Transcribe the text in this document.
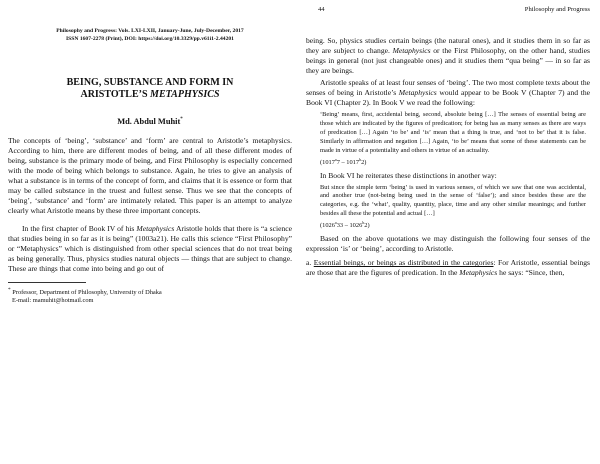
Philosophy and Progress: Vols. LXI-LXII, January-June, July-December, 2017
ISSN 1607-2278 (Print), DOI: https://doi.org/10.3329/pp.v61i1-2.44201
BEING, SUBSTANCE AND FORM IN
ARISTOTLE’S METAPHYSICS
Md. Abdul Muhit*

The concepts of ‘being’, ‘substance’ and ‘form’ are central to Aristotle’s metaphysics. According to him, there are different modes of being, and of all these different modes of being, substance is the primary mode of being, and First Philosophy is especially concerned with the mode of being which belongs to substance. Again, he tries to give an analysis of what a substance is in terms of the concept of form, and claims that it is essence or form that may be called substance in the truest and fullest sense. Thus we see that the concepts of ‘being’, ‘substance’ and ‘form’ are intimately related. This paper is an attempt to analyze clearly what Aristotle means by these three important concepts.

In the first chapter of Book IV of his Metaphysics Aristotle holds that there is “a science that studies being in so far as it is being” (1003a21). He calls this science “First Philosophy” or “Metaphysics” which is distinguished from other special sciences that do not treat being as being generally. Thus, physics studies natural objects — things that are subject to change. These are things that come into being and go out of

* Professor, Department of Philosophy, University of Dhaka
E-mail: mamuhit@hotmail.com
44	Philosophy and Progress

being. So, physics studies certain beings (the natural ones), and it studies them in so far as they are subject to change. Metaphysics or the First Philosophy, on the other hand, studies beings in general (not just changeable ones) and it studies them “qua being” — in so far as they are beings.

Aristotle speaks of at least four senses of ‘being’. The two most complete texts about the senses of being in Aristotle’s Metaphysics would appear to be Book V (Chapter 7) and the Book VI (Chapter 2). In Book V we read the following:

‘Being’ means, first, accidental being, second, absolute being […] The senses of essential being are those which are indicated by the figures of predication; for being has as many senses as there are ways of predication […] Again ‘to be’ and ‘is’ mean that a thing is true, and ‘not to be’ that it is false. Similarly in affirmation and negation […] Again, ‘to be’ means that some of these statements can be made in virtue of a potentiality and others in virtue of an actuality.
(1017$^a$7 – 1017$^b$2)

In Book VI he reiterates these distinctions in another way:

But since the simple term ‘being’ is used in various senses, of which we saw that one was accidental, and another true (not-being being used in the sense of ‘false’); and since besides these are the categories, e.g. the ‘what’, quality, quantity, place, time and any other similar meanings; and further besides all these the potential and actual […]
(1026$^a$33 – 1026$^b$2)

Based on the above quotations we may distinguish the following four senses of the expression ‘is’ or ‘being’, according to Aristotle.

a. Essential beings, or beings as distributed in the categories: For Aristotle, essential beings are those that are the figures of predication. In the Metaphysics he says: “Since, then,
